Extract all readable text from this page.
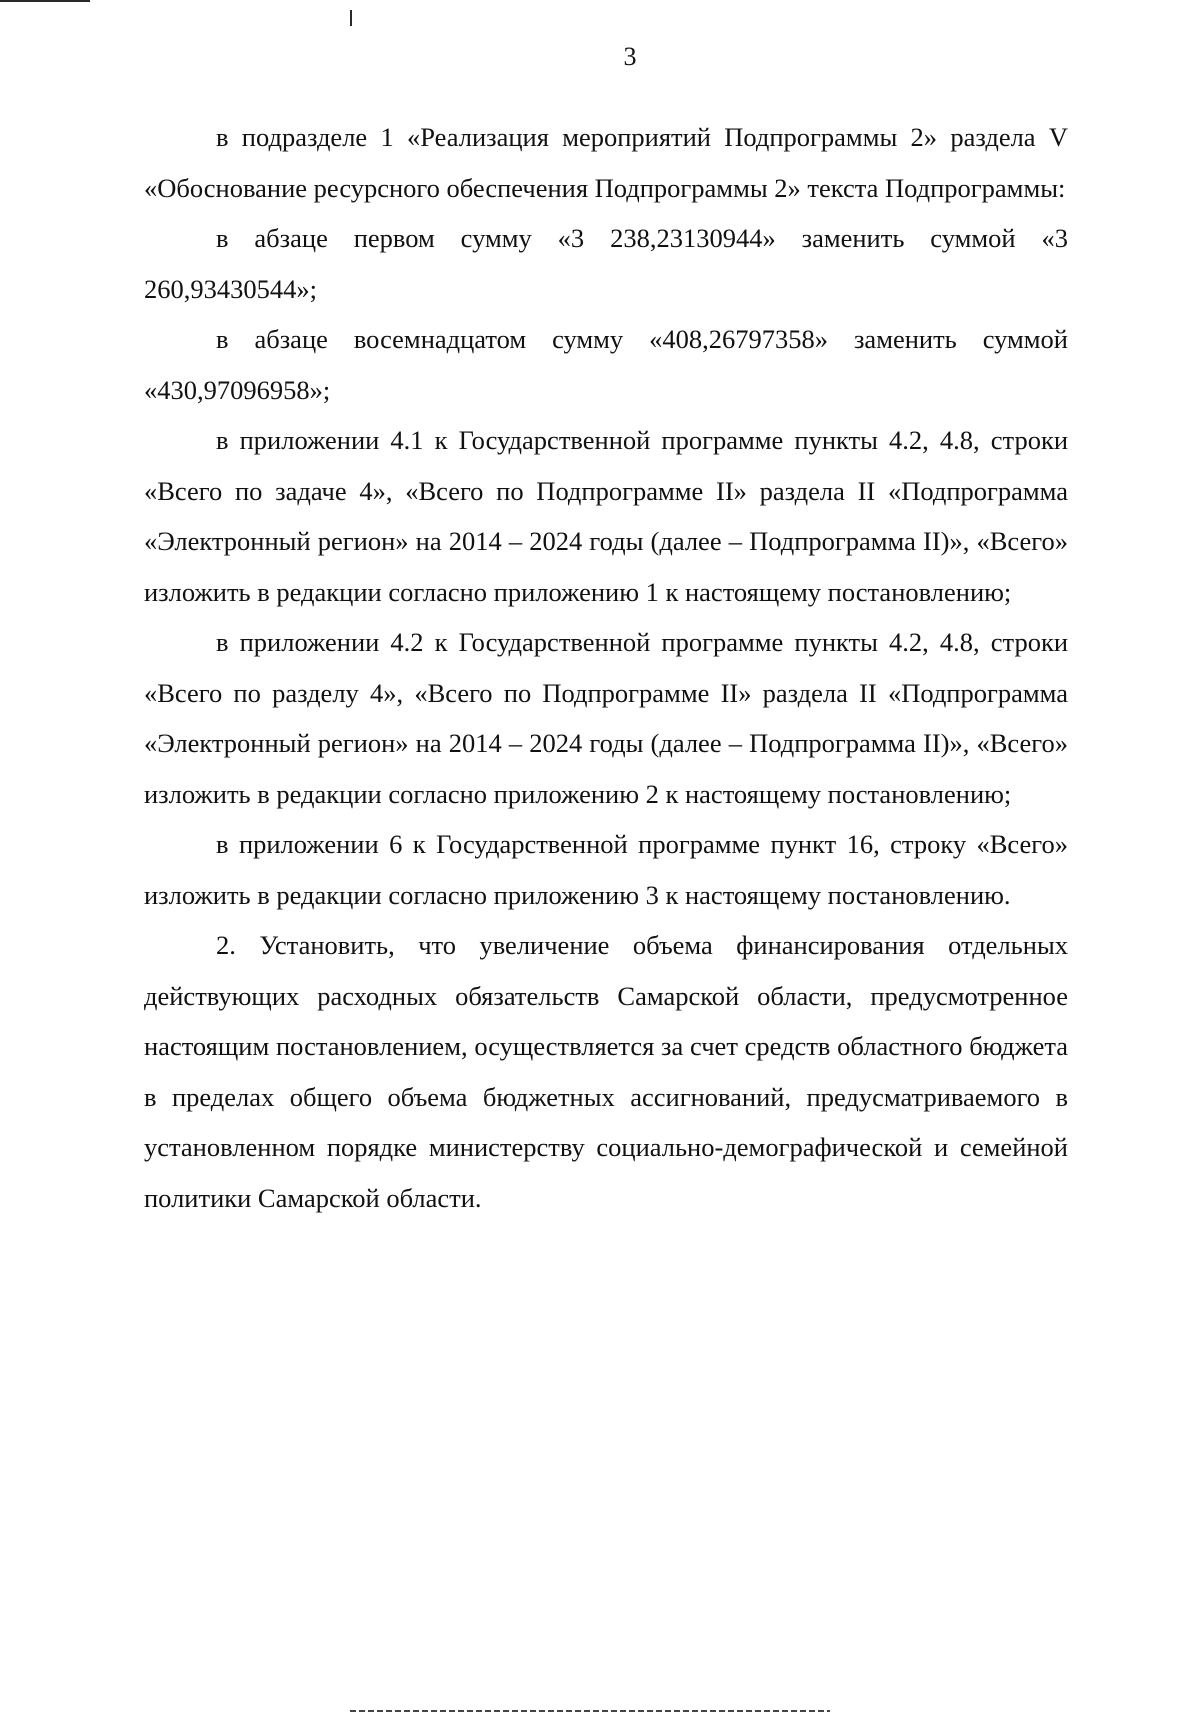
3

в подразделе 1 «Реализация мероприятий Подпрограммы 2» раздела V «Обоснование ресурсного обеспечения Подпрограммы 2» текста Подпрограммы:

в абзаце первом сумму «3 238,23130944» заменить суммой «3 260,93430544»;

в абзаце восемнадцатом сумму «408,26797358» заменить суммой «430,97096958»;

в приложении 4.1 к Государственной программе пункты 4.2, 4.8, строки «Всего по задаче 4», «Всего по Подпрограмме II» раздела II «Подпрограмма «Электронный регион» на 2014 – 2024 годы (далее – Подпрограмма II)», «Всего» изложить в редакции согласно приложению 1 к настоящему постановлению;

в приложении 4.2 к Государственной программе пункты 4.2, 4.8, строки «Всего по разделу 4», «Всего по Подпрограмме II» раздела II «Подпрограмма «Электронный регион» на 2014 – 2024 годы (далее – Подпрограмма II)», «Всего» изложить в редакции согласно приложению 2 к настоящему постановлению;

в приложении 6 к Государственной программе пункт 16, строку «Всего» изложить в редакции согласно приложению 3 к настоящему постановлению.

2. Установить, что увеличение объема финансирования отдельных действующих расходных обязательств Самарской области, предусмотренное настоящим постановлением, осуществляется за счет средств областного бюджета в пределах общего объема бюджетных ассигнований, предусматриваемого в установленном порядке министерству социально-демографической и семейной политики Самарской области.
